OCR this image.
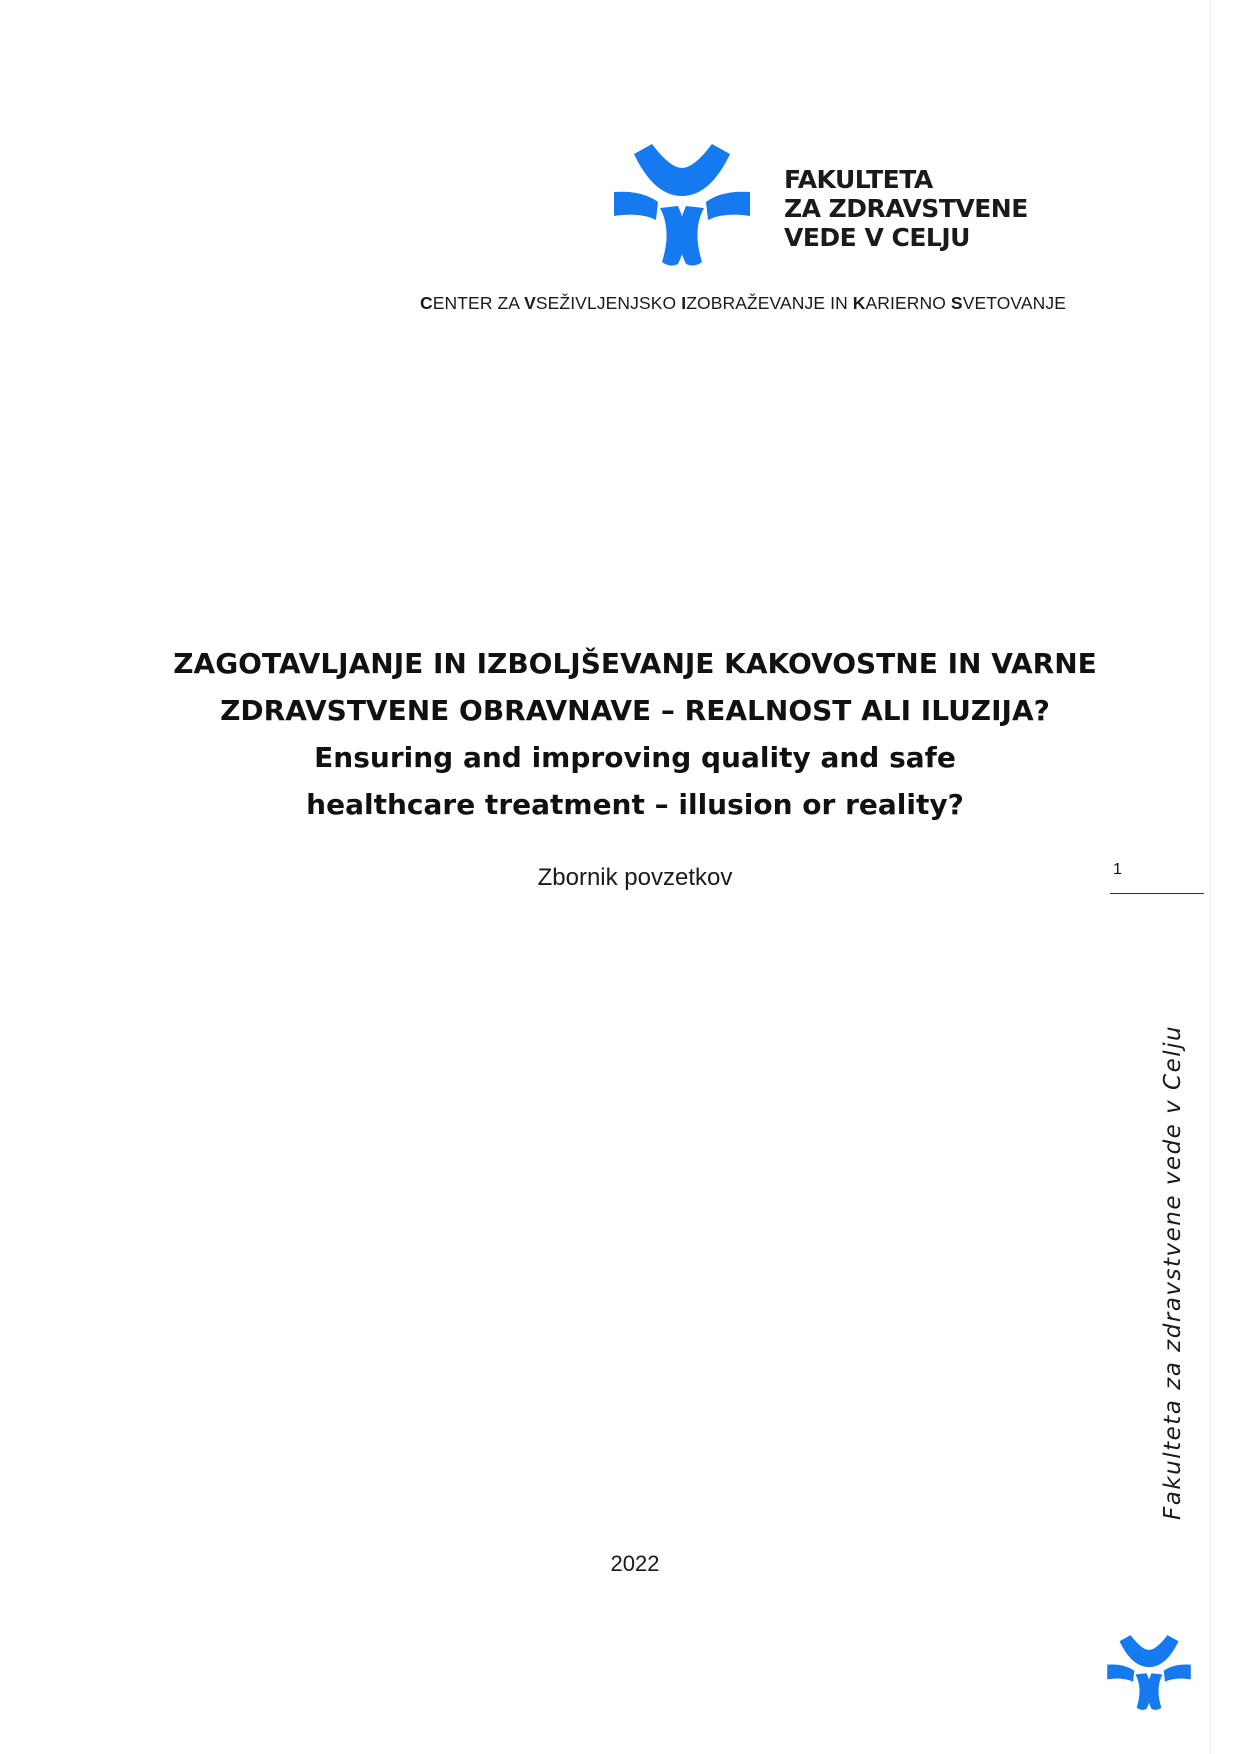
FAKULTETA
ZA ZDRAVSTVENE
VEDE V CELJU
CENTER ZA VSEŽIVLJENJSKO IZOBRAŽEVANJE IN KARIERNO SVETOVANJE
ZAGOTAVLJANJE IN IZBOLJŠEVANJE KAKOVOSTNE IN VARNE
ZDRAVSTVENE OBRAVNAVE – REALNOST ALI ILUZIJA?
Ensuring and improving quality and safe
healthcare treatment – illusion or reality?
Zbornik povzetkov	1
Fakulteta za zdravstvene vede v Celju
2022
